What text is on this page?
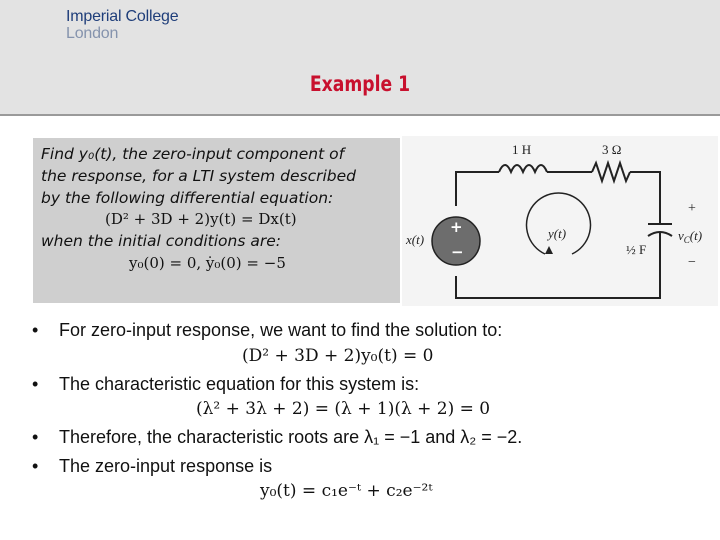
Imperial College
London
Example 1
Find y₀(t), the zero-input component of
the response, for a LTI system described
by the following differential equation:
(D² + 3D + 2)y(t) = Dx(t)
when the initial conditions are:
y₀(0) = 0, ẏ₀(0) = −5
+
−
1 H	3 Ω
x(t)	y(t)
½ F
$v_C(t)$
+
−
• For zero-input response, we want to find the solution to:
(D² + 3D + 2)y₀(t) = 0
• The characteristic equation for this system is:
(λ² + 3λ + 2) = (λ + 1)(λ + 2) = 0
• Therefore, the characteristic roots are λ₁ = −1 and λ₂ = −2.
• The zero-input response is
y₀(t) = c₁e⁻ᵗ + c₂e⁻²ᵗ
